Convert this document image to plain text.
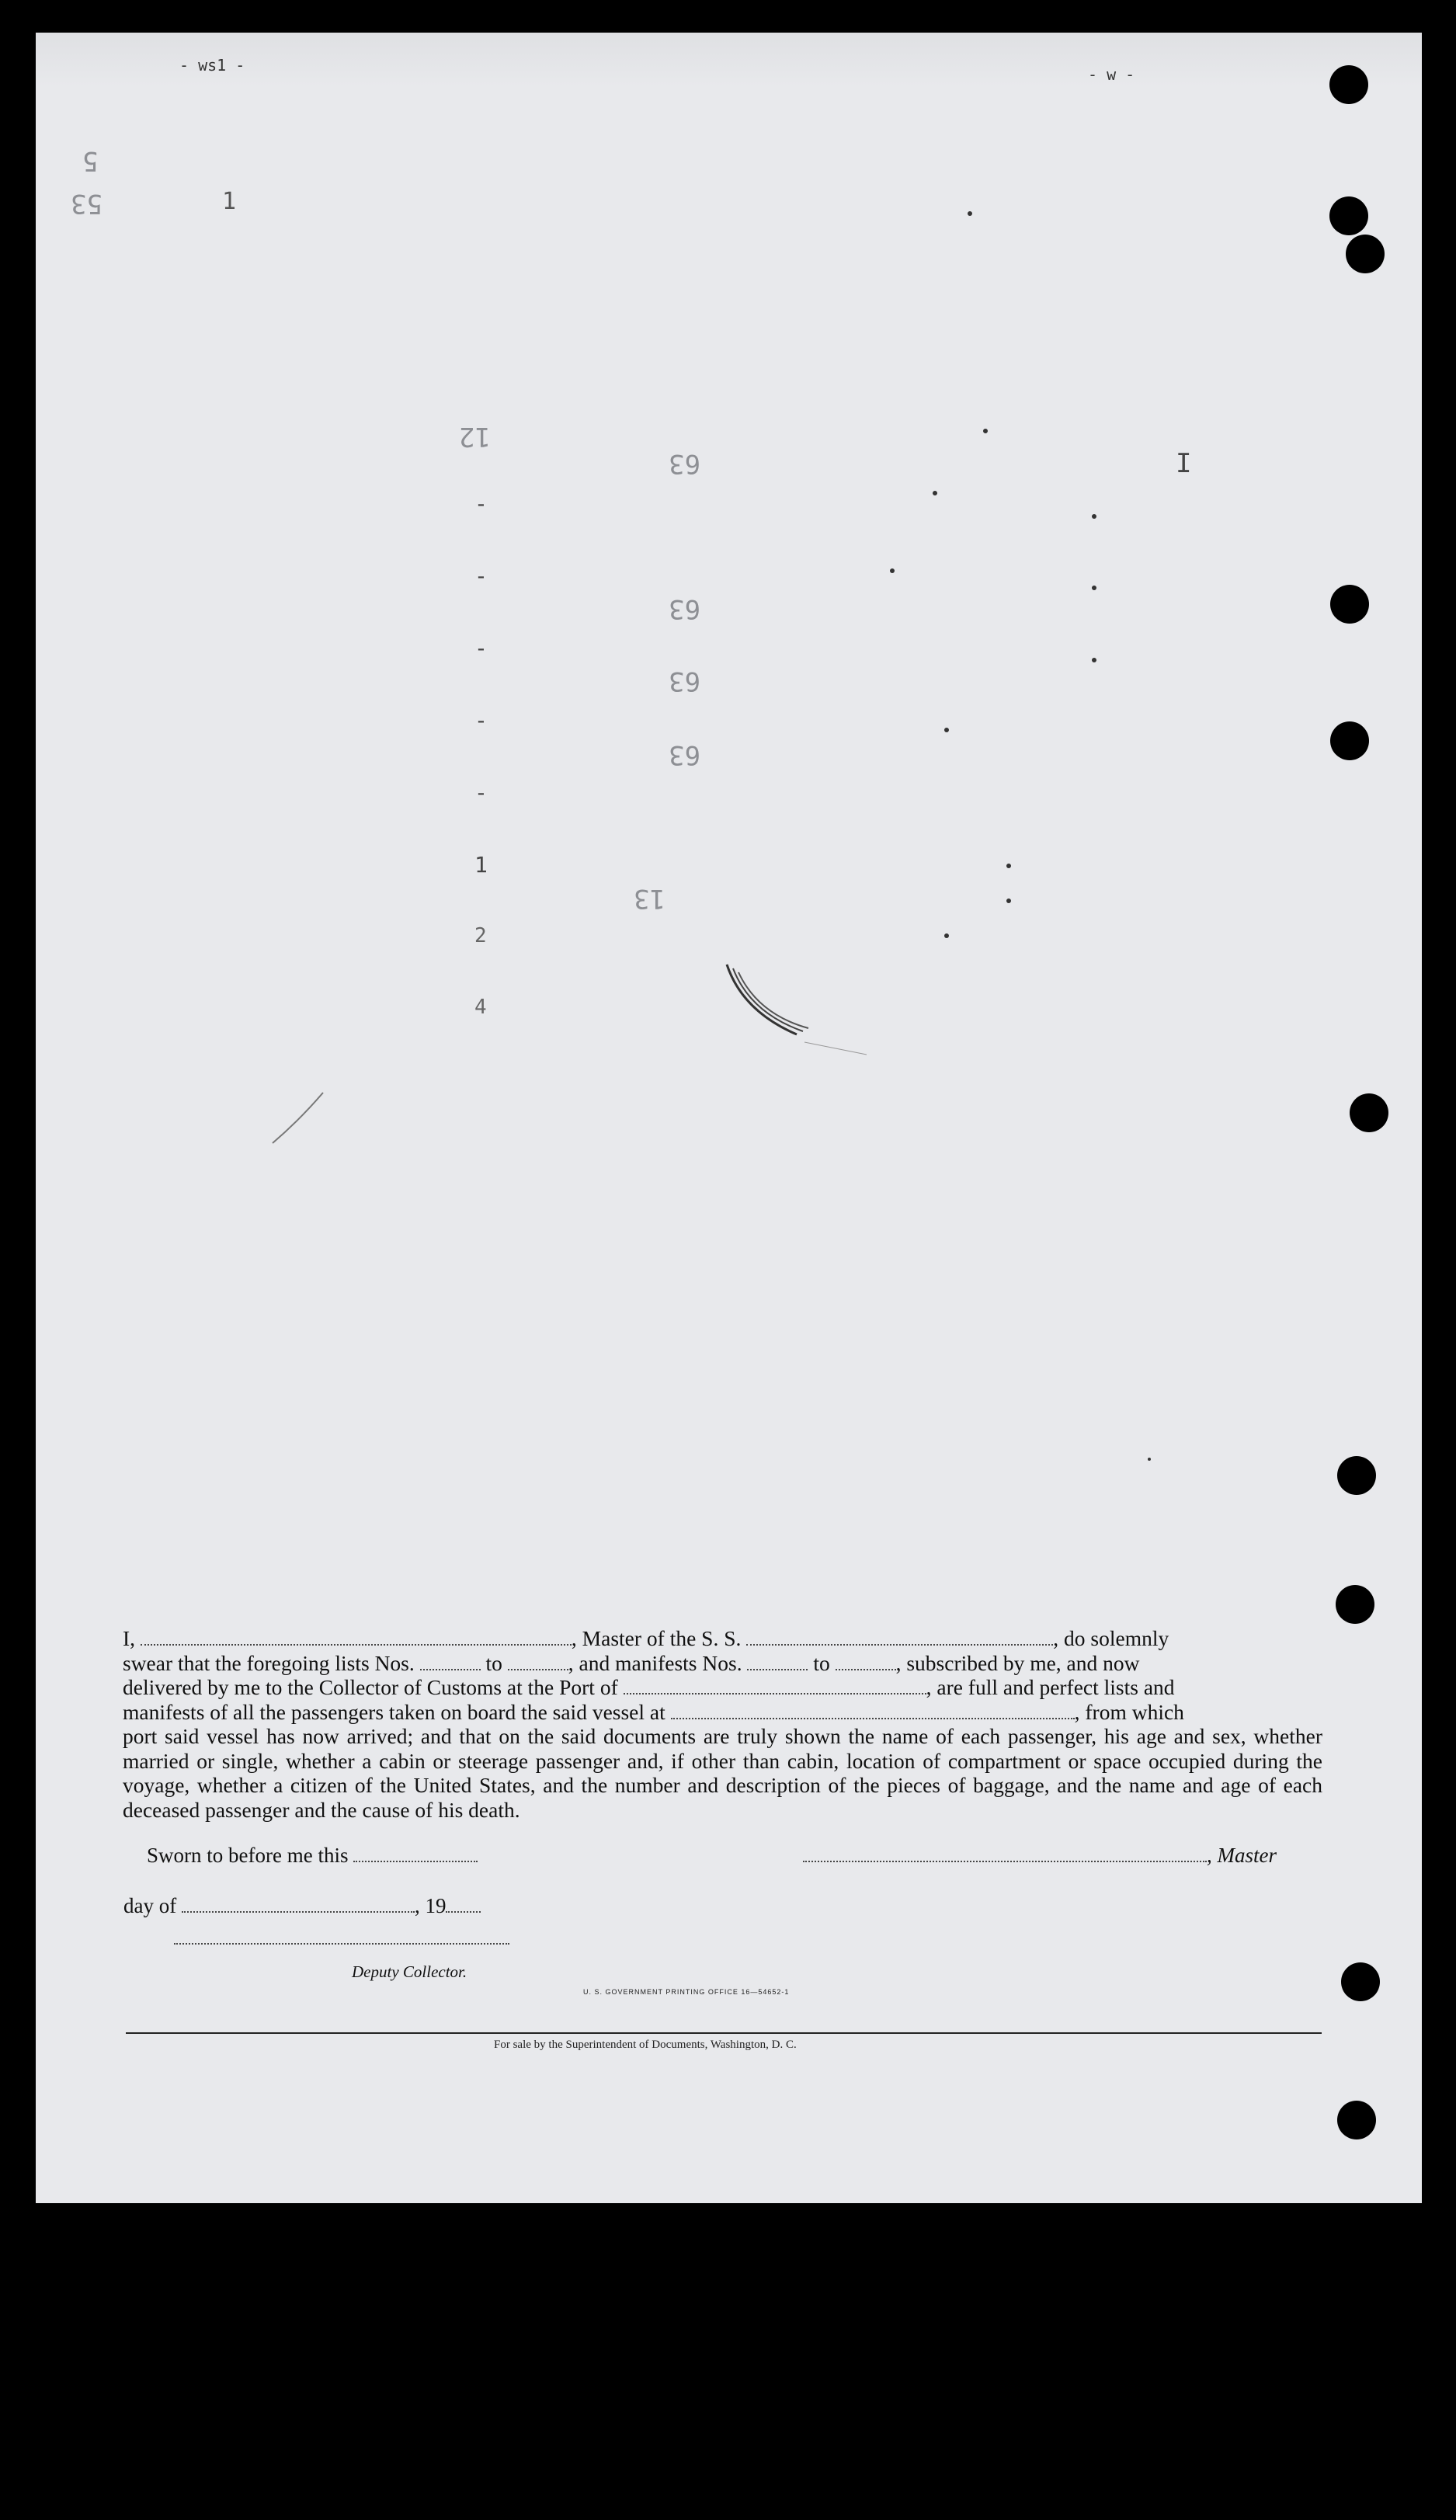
- ws1 -	- w -
5
53	1
12
63
63
63
63
13
I
-
-
-
-
-
1
2
4
I,	, Master of the S. S.	, do solemnly
swear that the foregoing lists Nos.	to	, and manifests Nos.	to	, subscribed by me, and now
delivered by me to the Collector of Customs at the Port of	, are full and perfect lists and
manifests of all the passengers taken on board the said vessel at	, from which
port said vessel has now arrived; and that on the said documents are truly shown the name of each passenger, his age and sex, whether married or single, whether a cabin or steerage passenger and, if other than cabin, location of compartment or space occupied during the voyage, whether a citizen of the United States, and the number and description of the pieces of baggage, and the name and age of each deceased passenger and the cause of his death.
Sworn to before me this	, Master
day of	, 19
Deputy Collector.
U. S. GOVERNMENT PRINTING OFFICE 16—54652-1
For sale by the Superintendent of Documents, Washington, D. C.
